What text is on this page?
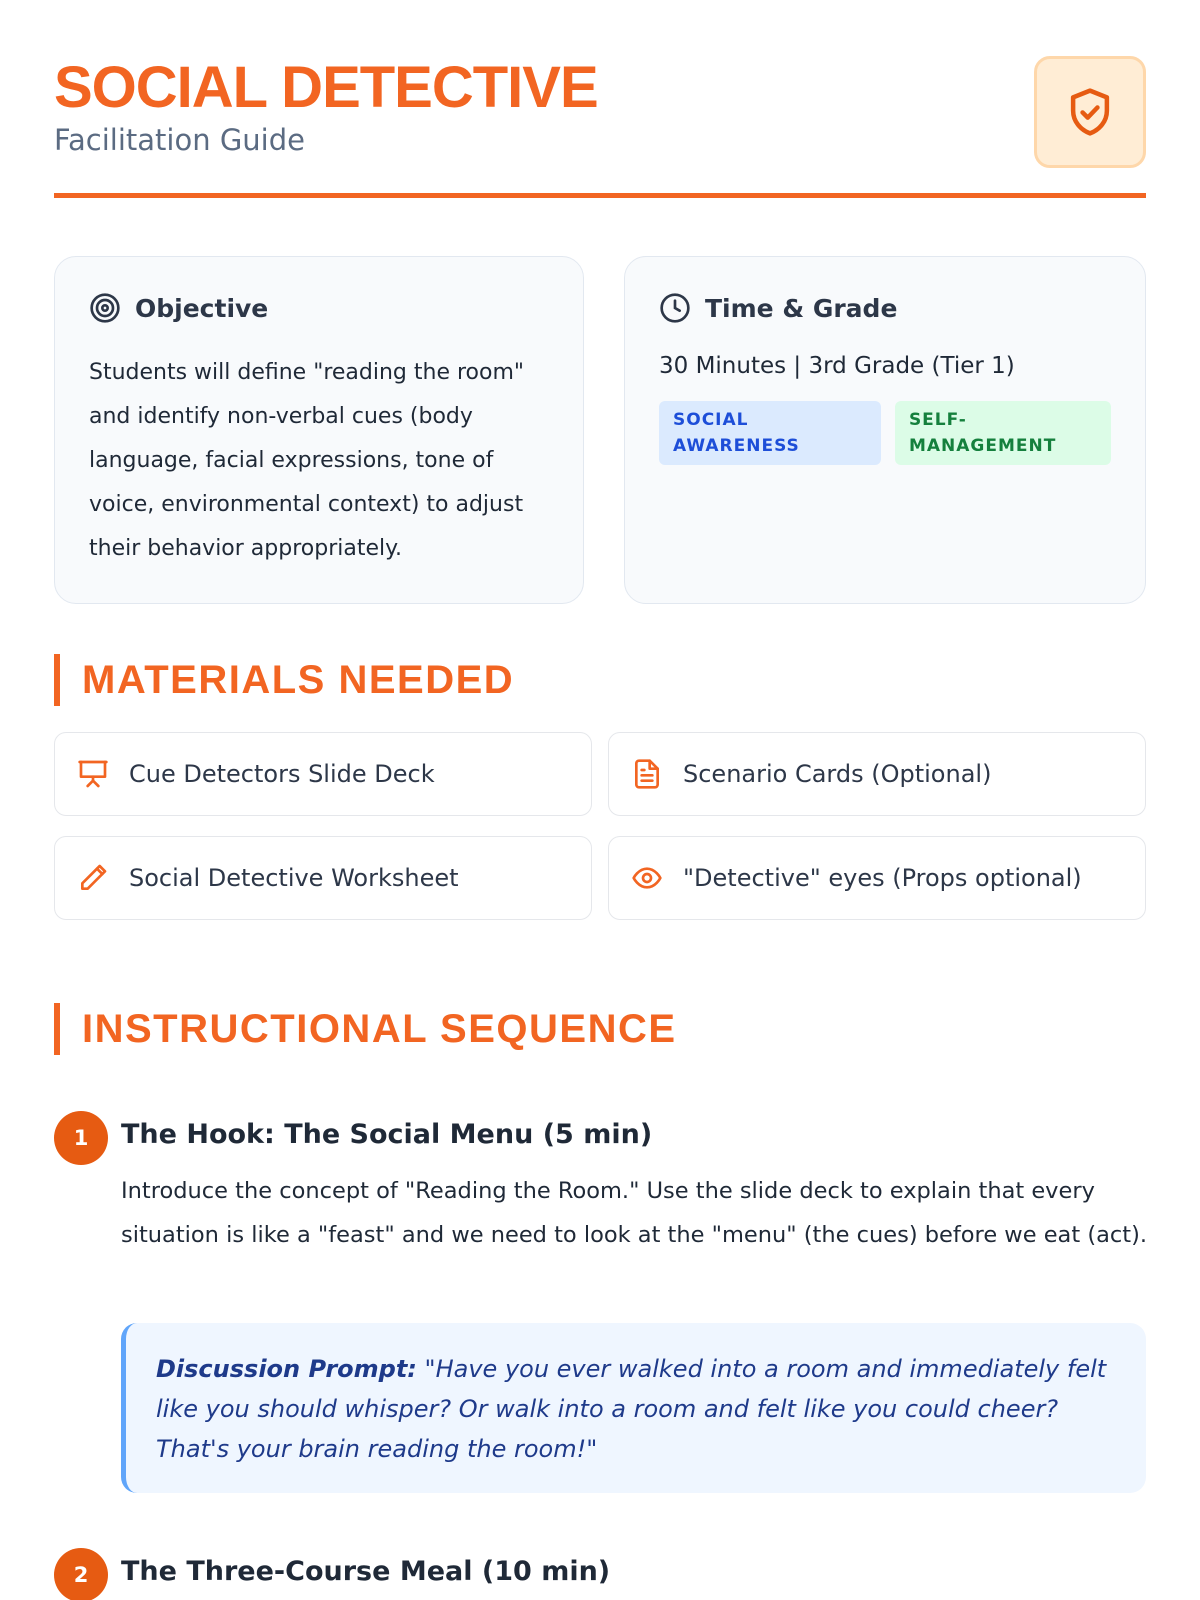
SOCIAL DETECTIVE
Facilitation Guide
Objective
Students will define "reading the room" and identify non-verbal cues (body language, facial expressions, tone of voice, environmental context) to adjust their behavior appropriately.
Time & Grade
30 Minutes | 3rd Grade (Tier 1)
SOCIAL AWARENESS
SELF-MANAGEMENT
MATERIALS NEEDED
Cue Detectors Slide Deck	Scenario Cards (Optional)
Social Detective Worksheet	"Detective" eyes (Props optional)
INSTRUCTIONAL SEQUENCE
1	The Hook: The Social Menu (5 min)
Introduce the concept of "Reading the Room." Use the slide deck to explain that every situation is like a "feast" and we need to look at the "menu" (the cues) before we eat (act).
Discussion Prompt: "Have you ever walked into a room and immediately felt like you should whisper? Or walk into a room and felt like you could cheer? That's your brain reading the room!"
2	The Three-Course Meal (10 min)
